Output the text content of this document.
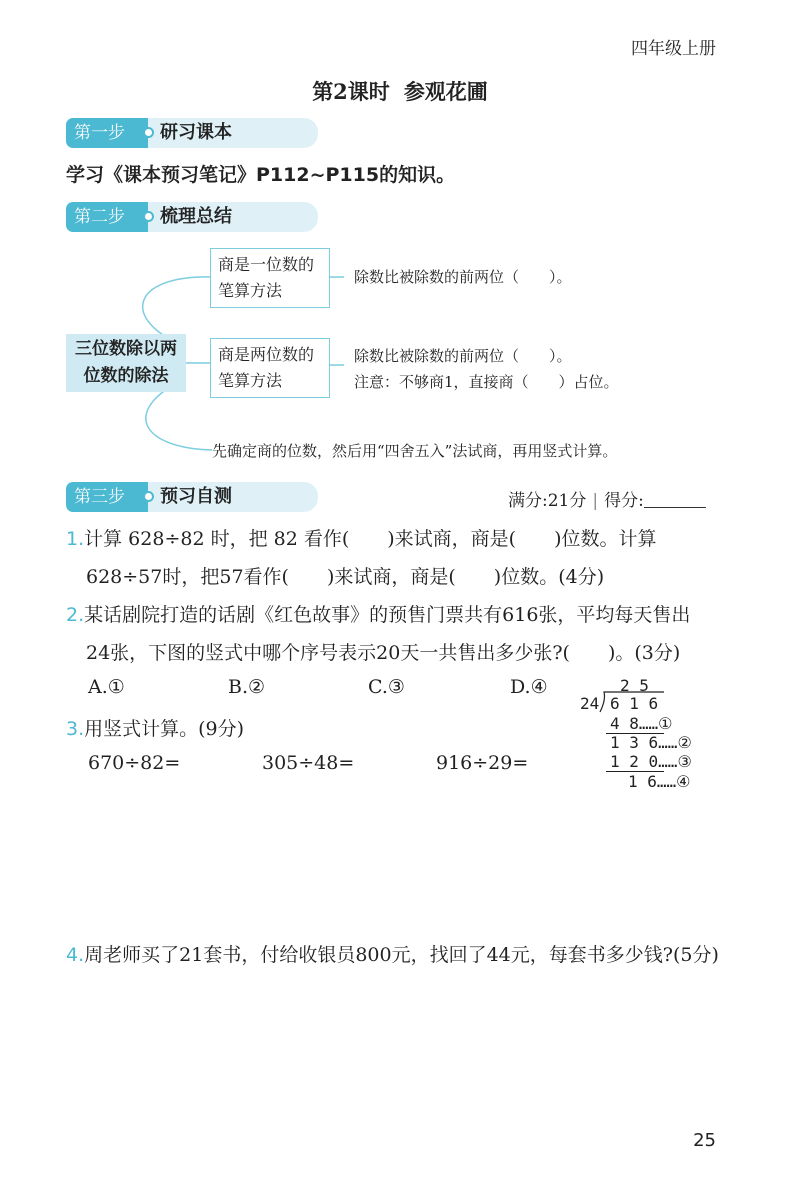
四年级上册
第2课时 参观花圃
第一步	研习课本
学习《课本预习笔记》P112~P115的知识。
第二步	梳理总结
三位数除以两
位数的除法
商是一位数的
笔算方法
除数比被除数的前两位（　　）。
商是两位数的
笔算方法
除数比被除数的前两位（　　）。
注意：不够商1，直接商（　　）占位。
先确定商的位数，然后用“四舍五入”法试商，再用竖式计算。
第三步	预习自测	满分:21分 | 得分:
1.计算 628÷82 时，把 82 看作(　　)来试商，商是(　　)位数。计算
628÷57时，把57看作(　　)来试商，商是(　　)位数。(4分)
2.某话剧院打造的话剧《红色故事》的预售门票共有616张，平均每天售出
24张，下图的竖式中哪个序号表示20天一共售出多少张?(　　)。(3分)
A.①	B.②	C.③	D.④	2 5
24 6 1 6
4 8……①
1 3 6……②
1 2 0……③
1 6……④
3.用竖式计算。(9分)
670÷82=	305÷48=	916÷29=
4.周老师买了21套书，付给收银员800元，找回了44元，每套书多少钱?(5分)
25
